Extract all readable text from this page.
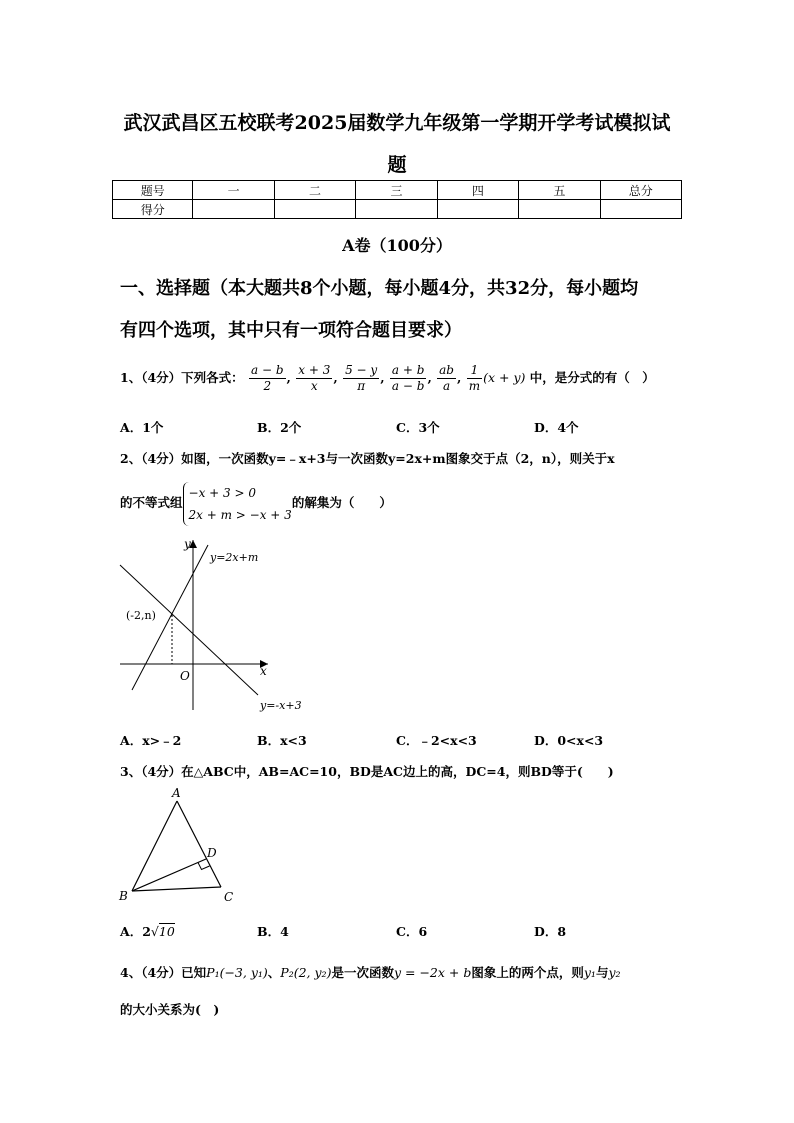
武汉武昌区五校联考2025届数学九年级第一学期开学考试模拟试
题
题号	一	二	三	四	五	总分
得分						
A卷（100分）
一、选择题（本大题共8个小题，每小题4分，共32分，每小题均
有四个选项，其中只有一项符合题目要求）
1、（4分）下列各式： $\frac{a - b}{2}$ , $\frac{x + 3}{x}$ , $\frac{5 - y}{\pi}$ , $\frac{a + b}{a - b}$ , $\frac{ab}{a}$ , $\frac{1}{m} (x + y)$ 中，是分式的有（　）
A．1个	B．2个	C．3个	D．4个
2、（4分）如图，一次函数y=﹣x+3与一次函数y=2x+m图象交于点（2，n），则关于x
的不等式组
−x + 3 > 0
2x + m > −x + 3
的解集为（　　）
y
x
O
y=2x+m
y=-x+3
(-2,n)
A．x>﹣2	B．x<3	C．﹣2<x<3	D．0<x<3
3、（4分）在△ABC中，AB=AC=10，BD是AC边上的高，DC=4，则BD等于(　　)
A
B	C
D
A．2√10	B．4	C．6	D．8
4、（4分）已知P₁(−3, y₁)、P₂(2, y₂)是一次函数y = −2x + b图象上的两个点，则y₁与y₂
的大小关系为(　)
